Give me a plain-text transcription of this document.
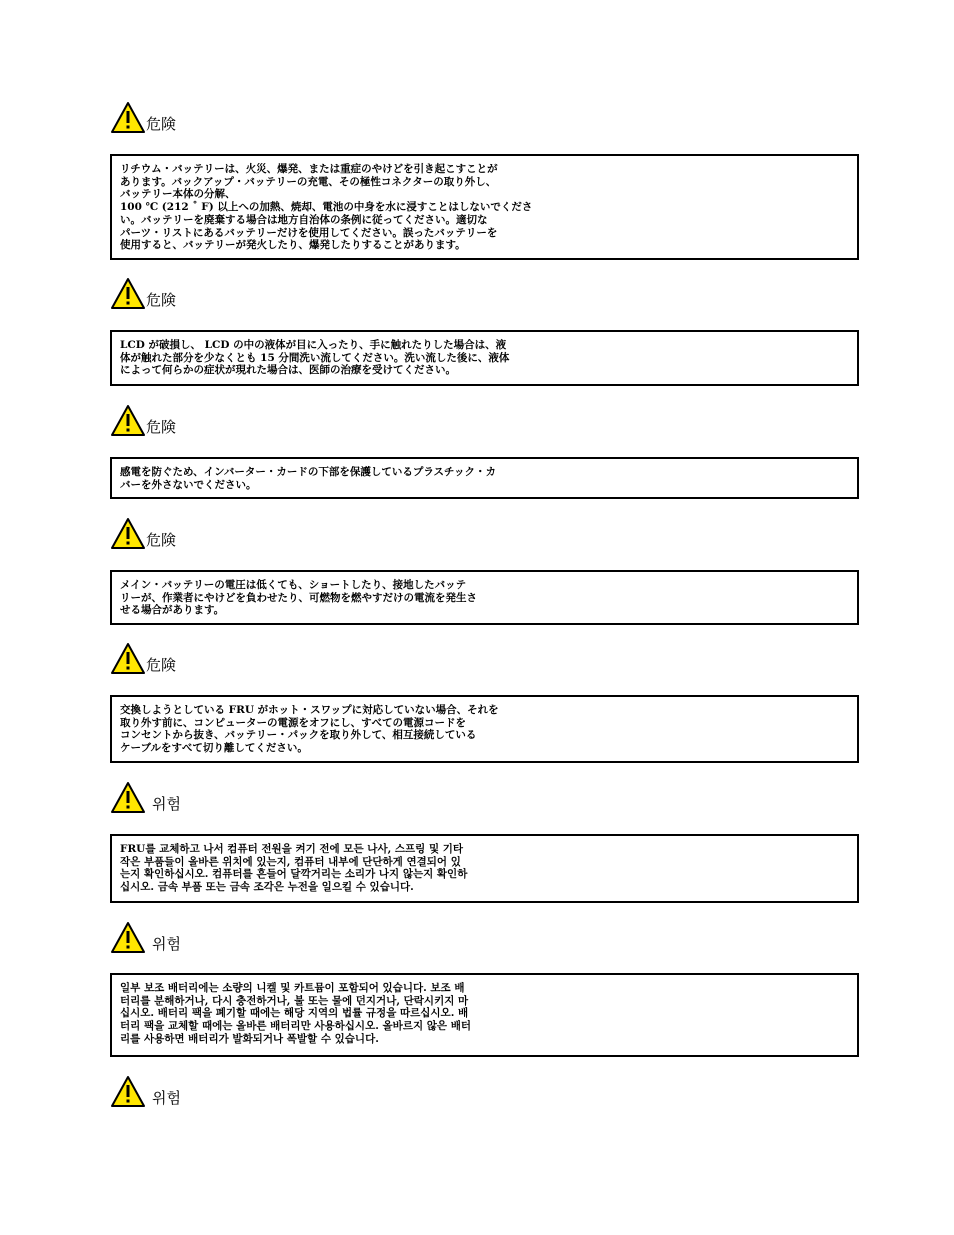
危険
リチウム・バッテリーは、火災、爆発、または重症のやけどを引き起こすことが
あります。バックアップ・バッテリーの充電、その極性コネクターの取り外し、
バッテリー本体の分解、
100 ℃ (212 ˚ F) 以上への加熱、焼却、電池の中身を水に浸すことはしないでくださ
い。バッテリーを廃棄する場合は地方自治体の条例に従ってください。適切な
パーツ・リストにあるバッテリーだけを使用してください。誤ったバッテリーを
使用すると、バッテリーが発火したり、爆発したりすることがあります。
危険
LCD が破損し、 LCD の中の液体が目に入ったり、手に触れたりした場合は、液
体が触れた部分を少なくとも 15 分間洗い流してください。洗い流した後に、液体
によって何らかの症状が現れた場合は、医師の治療を受けてください。
危険
感電を防ぐため、インバーター・カードの下部を保護しているプラスチック・カ
バーを外さないでください。
危険
メイン・バッテリーの電圧は低くても、ショートしたり、接地したバッテ
リーが、作業者にやけどを負わせたり、可燃物を燃やすだけの電流を発生さ
せる場合があります。
危険
交換しようとしている FRU がホット・スワップに対応していない場合、それを
取り外す前に、コンピューターの電源をオフにし、すべての電源コードを
コンセントから抜き、バッテリー・パックを取り外して、相互接続している
ケーブルをすべて切り離してください。
위험
FRU를 교체하고 나서 컴퓨터 전원을 켜기 전에 모든 나사, 스프링 및 기타
작은 부품들이 올바른 위치에 있는지, 컴퓨터 내부에 단단하게 연결되어 있
는지 확인하십시오. 컴퓨터를 흔들어 달깍거리는 소리가 나지 않는지 확인하
십시오. 금속 부품 또는 금속 조각은 누전을 일으킬 수 있습니다.
위험
일부 보조 배터리에는 소량의 니켈 및 카트뮴이 포함되어 있습니다. 보조 배
터리를 분해하거나, 다시 충전하거나, 불 또는 물에 던지거나, 단락시키지 마
십시오. 배터리 팩을 폐기할 때에는 해당 지역의 법률 규정을 따르십시오. 배
터리 팩을 교체할 때에는 올바른 배터리만 사용하십시오. 올바르지 않은 배터
리를 사용하면 배터리가 발화되거나 폭발할 수 있습니다.
위험
